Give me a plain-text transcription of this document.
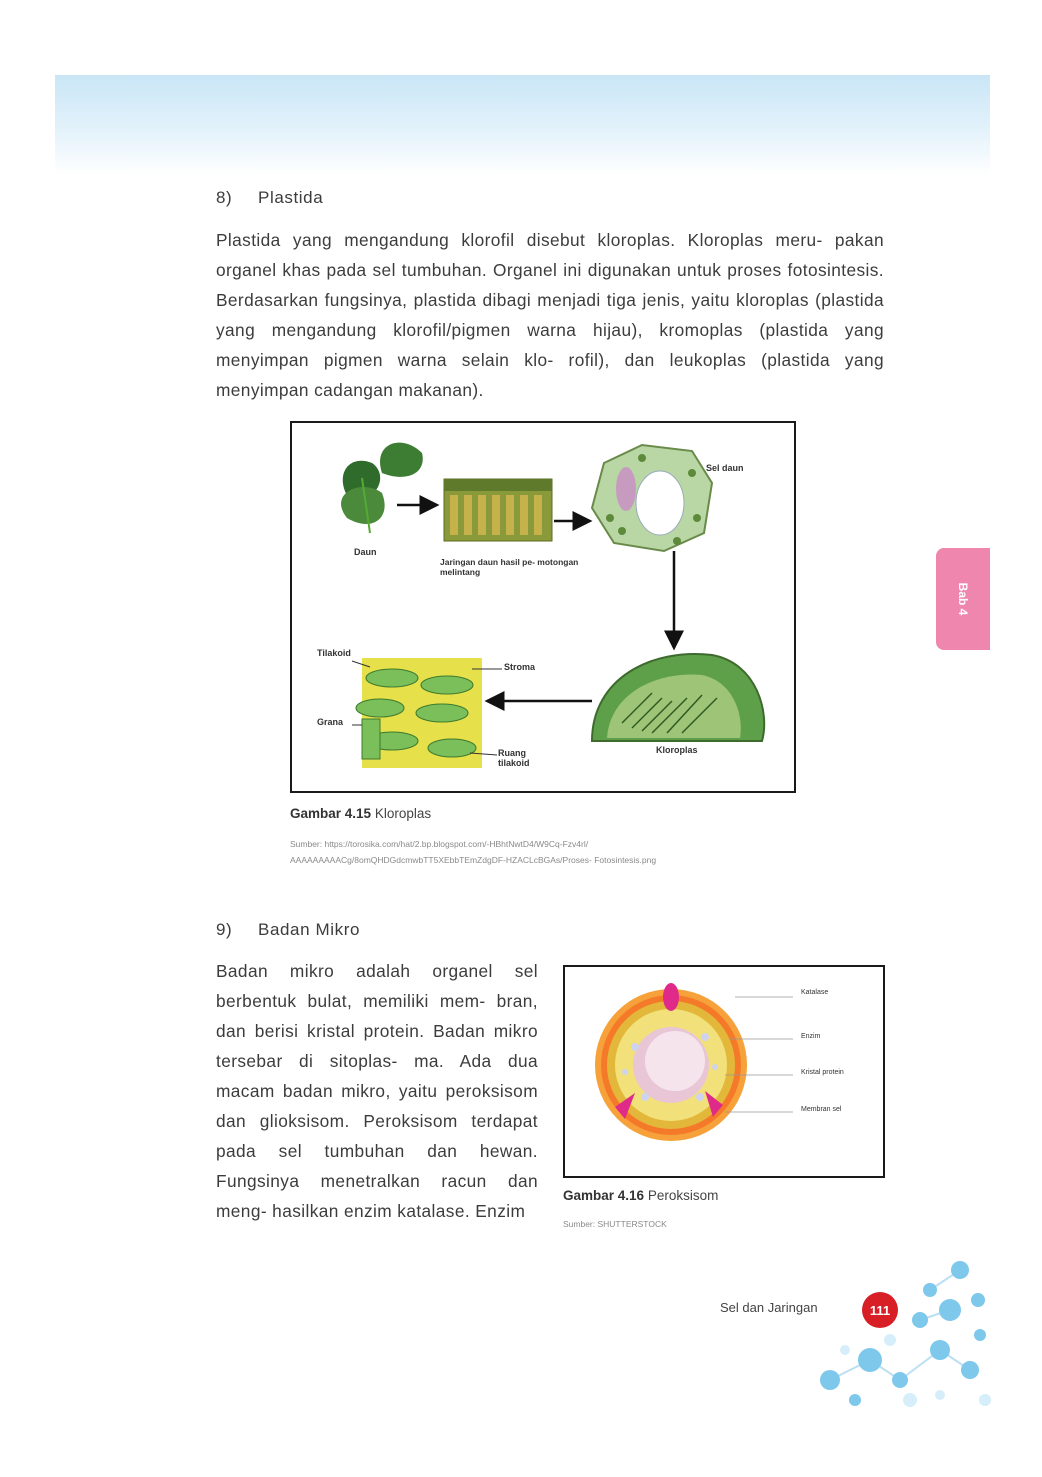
8) Plastida

Plastida yang mengandung klorofil disebut kloroplas. Kloroplas meru- pakan organel khas pada sel tumbuhan. Organel ini digunakan untuk proses fotosintesis. Berdasarkan fungsinya, plastida dibagi menjadi tiga jenis, yaitu kloroplas (plastida yang mengandung klorofil/pigmen warna hijau), kromoplas (plastida yang menyimpan pigmen warna selain klo- rofil), dan leukoplas (plastida yang menyimpan cadangan makanan).

Daun
Jaringan daun hasil pe- motongan melintang
Sel daun
Tilakoid
Stroma
Grana
Ruang tilakoid
Kloroplas
Gambar 4.15 Kloroplas
Sumber: https://torosika.com/hat/2.bp.blogspot.com/-HBhtNwtD4/W9Cq-Fzv4rl/ AAAAAAAAACg/8omQHDGdcmwbTT5XEbbTEmZdgDF-HZACLcBGAs/Proses- Fotosintesis.png
9) Badan Mikro

Badan mikro adalah organel sel berbentuk bulat, memiliki mem- bran, dan berisi kristal protein. Badan mikro tersebar di sitoplas- ma. Ada dua macam badan mikro, yaitu peroksisom dan glioksisom. Peroksisom terdapat pada sel tumbuhan dan hewan. Fungsinya menetralkan racun dan meng- hasilkan enzim katalase. Enzim

Katalase
Enzim
Kristal protein
Membran sel
Gambar 4.16 Peroksisom
Sumber: SHUTTERSTOCK
Bab 4
Sel dan Jaringan	111
